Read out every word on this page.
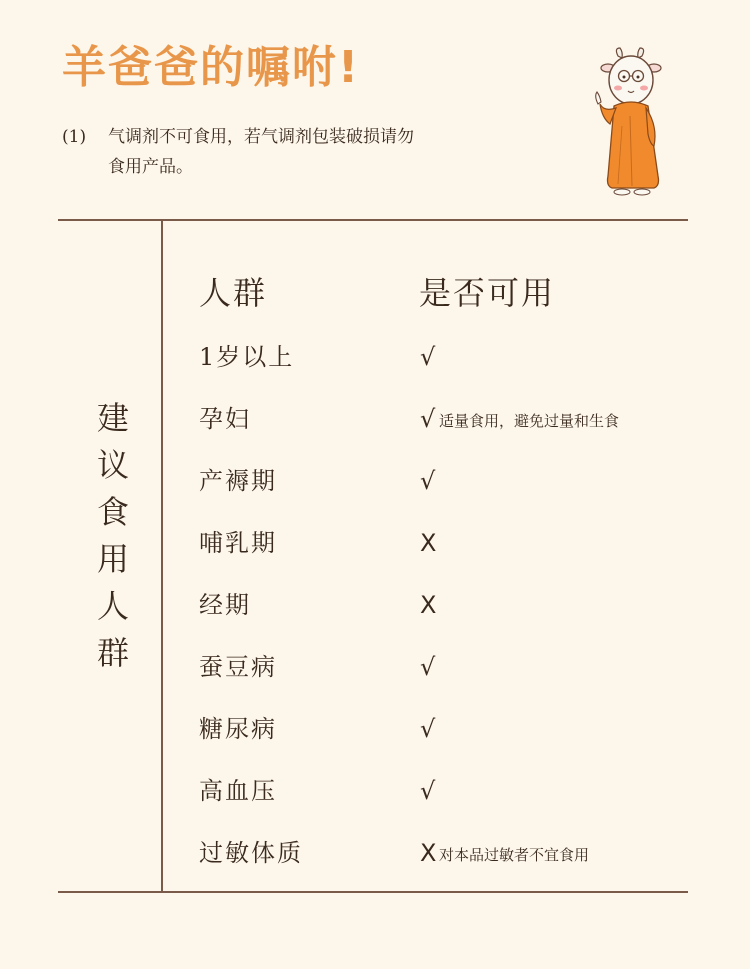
羊爸爸的嘱咐!
(1) 气调剂不可食用，若气调剂包装破损请勿
食用产品。
建
议
食
用
人
群
人群	是否可用
1岁以上	√
孕妇	√ 适量食用，避免过量和生食
产褥期	√
哺乳期	X
经期	X
蚕豆病	√
糖尿病	√
高血压	√
过敏体质	X 对本品过敏者不宜食用
